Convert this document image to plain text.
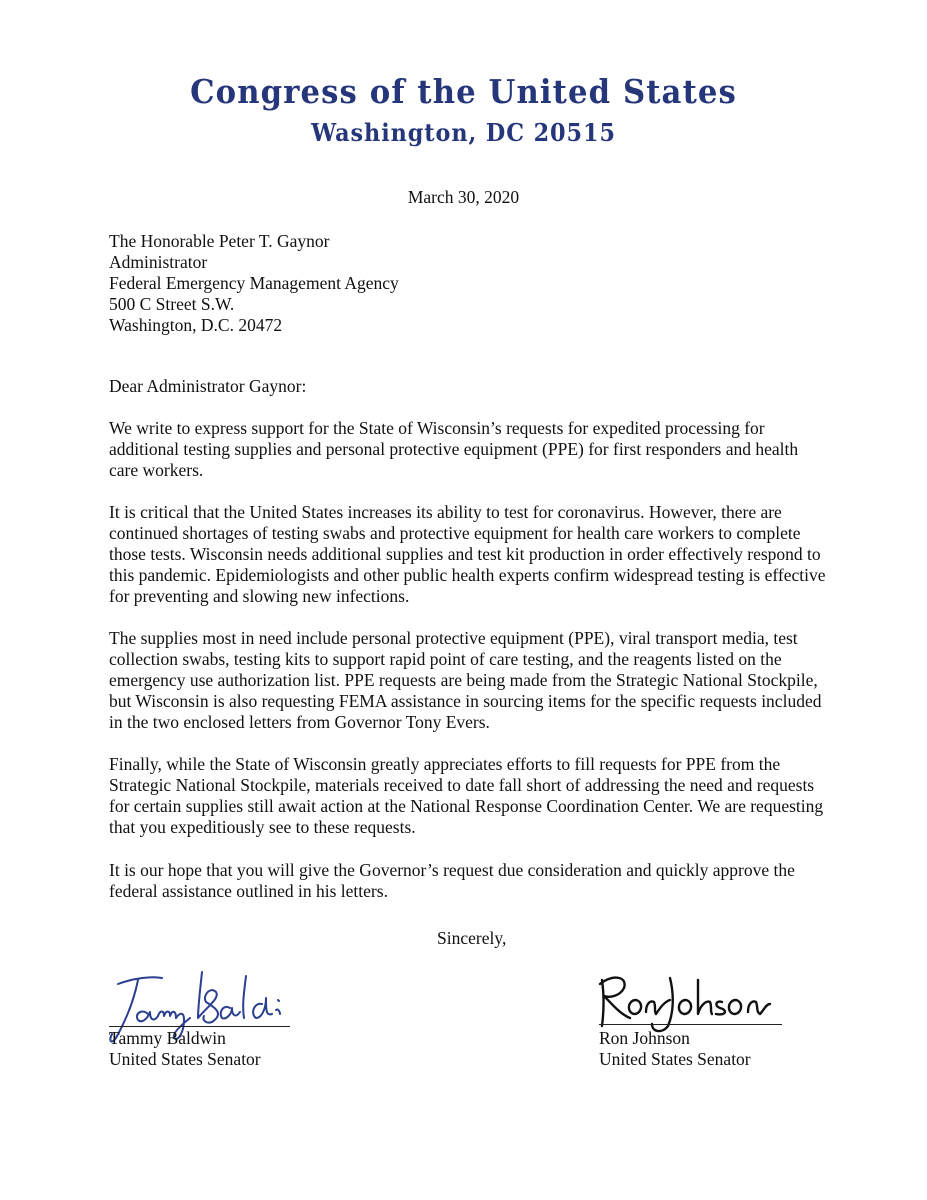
Congress of the United States
Washington, DC 20515
March 30, 2020
The Honorable Peter T. Gaynor
Administrator
Federal Emergency Management Agency
500 C Street S.W.
Washington, D.C. 20472
Dear Administrator Gaynor:
We write to express support for the State of Wisconsin’s requests for expedited processing for additional testing supplies and personal protective equipment (PPE) for first responders and health care workers.
It is critical that the United States increases its ability to test for coronavirus. However, there are continued shortages of testing swabs and protective equipment for health care workers to complete those tests. Wisconsin needs additional supplies and test kit production in order effectively respond to this pandemic. Epidemiologists and other public health experts confirm widespread testing is effective for preventing and slowing new infections.
The supplies most in need include personal protective equipment (PPE), viral transport media, test collection swabs, testing kits to support rapid point of care testing, and the reagents listed on the emergency use authorization list. PPE requests are being made from the Strategic National Stockpile, but Wisconsin is also requesting FEMA assistance in sourcing items for the specific requests included in the two enclosed letters from Governor Tony Evers.
Finally, while the State of Wisconsin greatly appreciates efforts to fill requests for PPE from the Strategic National Stockpile, materials received to date fall short of addressing the need and requests for certain supplies still await action at the National Response Coordination Center. We are requesting that you expeditiously see to these requests.
It is our hope that you will give the Governor’s request due consideration and quickly approve the federal assistance outlined in his letters.
Sincerely,
Tammy Baldwin
United States Senator
Ron Johnson
United States Senator
